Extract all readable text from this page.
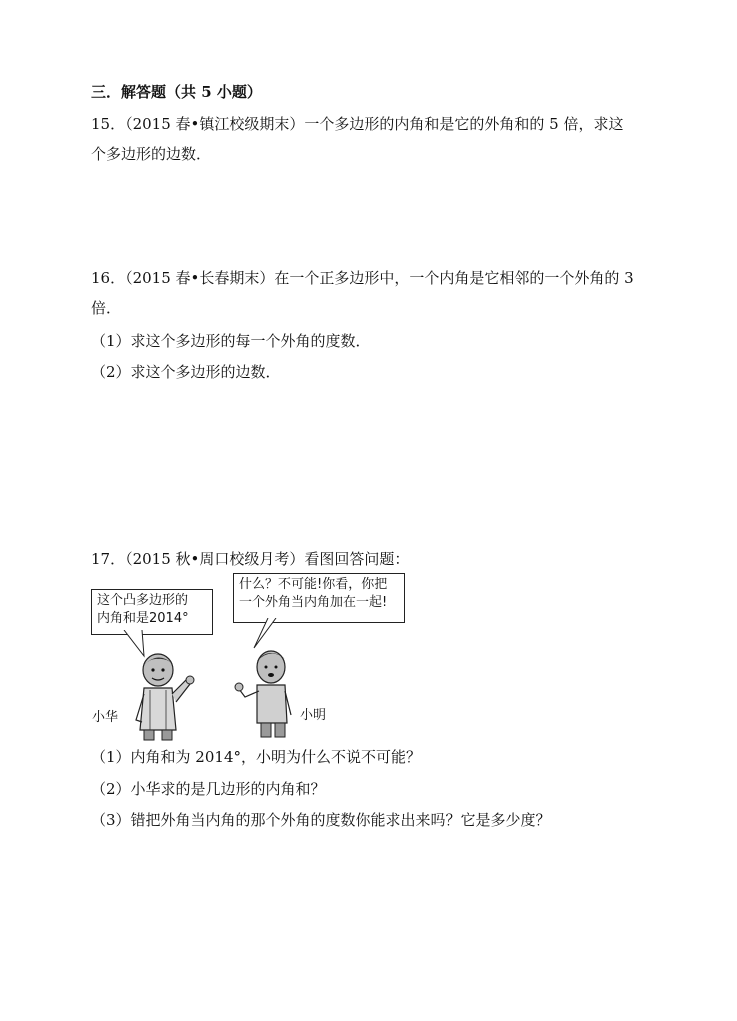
三．解答题（共 5 小题）
15．（2015 春•镇江校级期末）一个多边形的内角和是它的外角和的 5 倍，求这
个多边形的边数．
16．（2015 春•长春期末）在一个正多边形中，一个内角是它相邻的一个外角的 3
倍．
（1）求这个多边形的每一个外角的度数．
（2）求这个多边形的边数．
17．（2015 秋•周口校级月考）看图回答问题：
这个凸多边形的
内角和是2014°
什么？不可能!你看，你把
一个外角当内角加在一起!
小华	小明
（1）内角和为 2014°，小明为什么不说不可能？
（2）小华求的是几边形的内角和？
（3）错把外角当内角的那个外角的度数你能求出来吗？它是多少度？
